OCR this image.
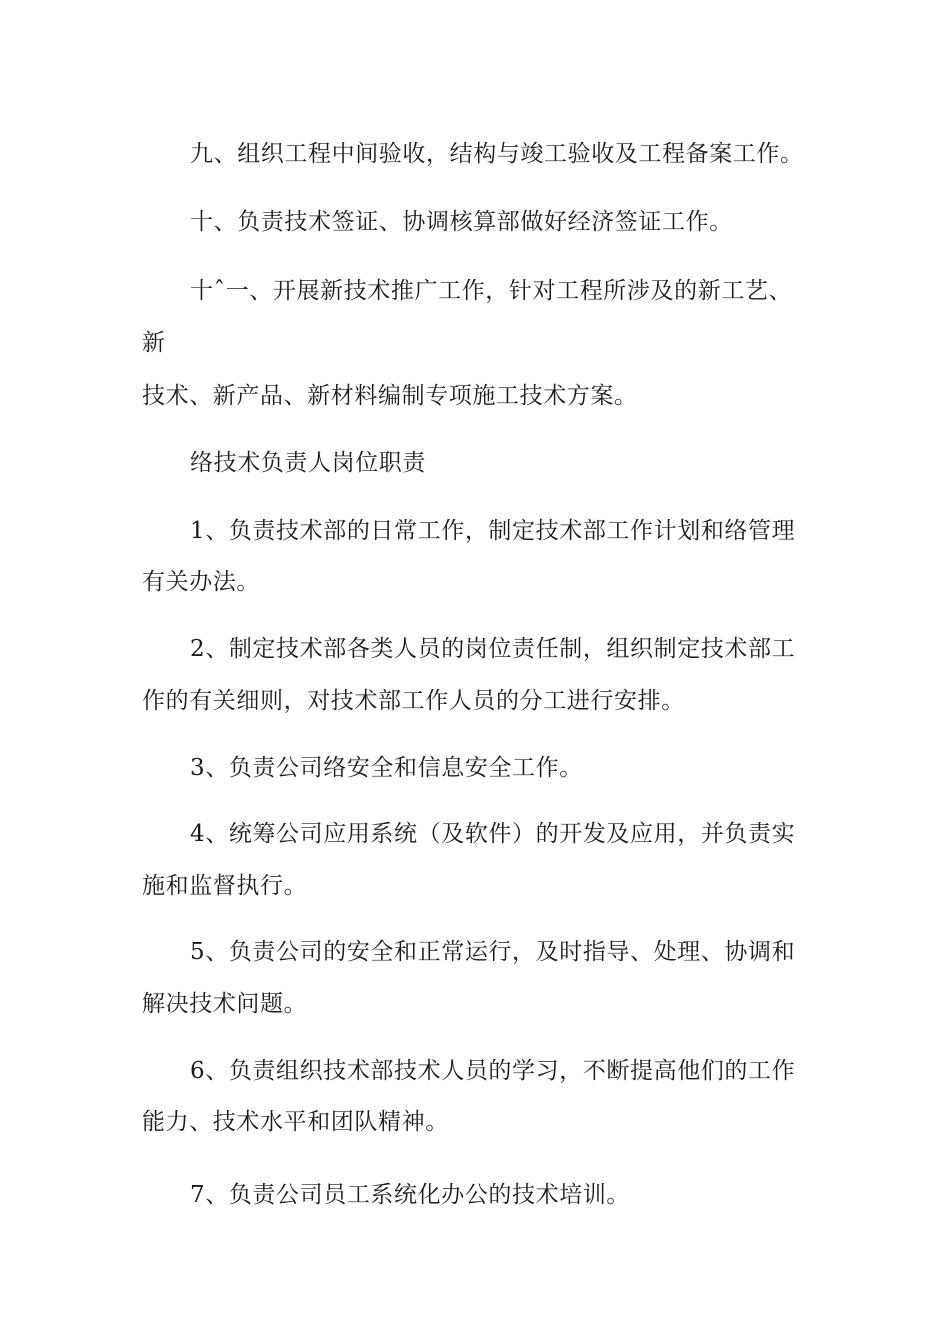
九、组织工程中间验收，结构与竣工验收及工程备案工作。
十、负责技术签证、协调核算部做好经济签证工作。
十ˆ一、开展新技术推广工作，针对工程所涉及的新工艺、
新
技术、新产品、新材料编制专项施工技术方案。
络技术负责人岗位职责
1、负责技术部的日常工作，制定技术部工作计划和络管理
有关办法。
2、制定技术部各类人员的岗位责任制，组织制定技术部工
作的有关细则，对技术部工作人员的分工进行安排。
3、负责公司络安全和信息安全工作。
4、统筹公司应用系统（及软件）的开发及应用，并负责实
施和监督执行。
5、负责公司的安全和正常运行，及时指导、处理、协调和
解决技术问题。
6、负责组织技术部技术人员的学习，不断提高他们的工作
能力、技术水平和团队精神。
7、负责公司员工系统化办公的技术培训。
